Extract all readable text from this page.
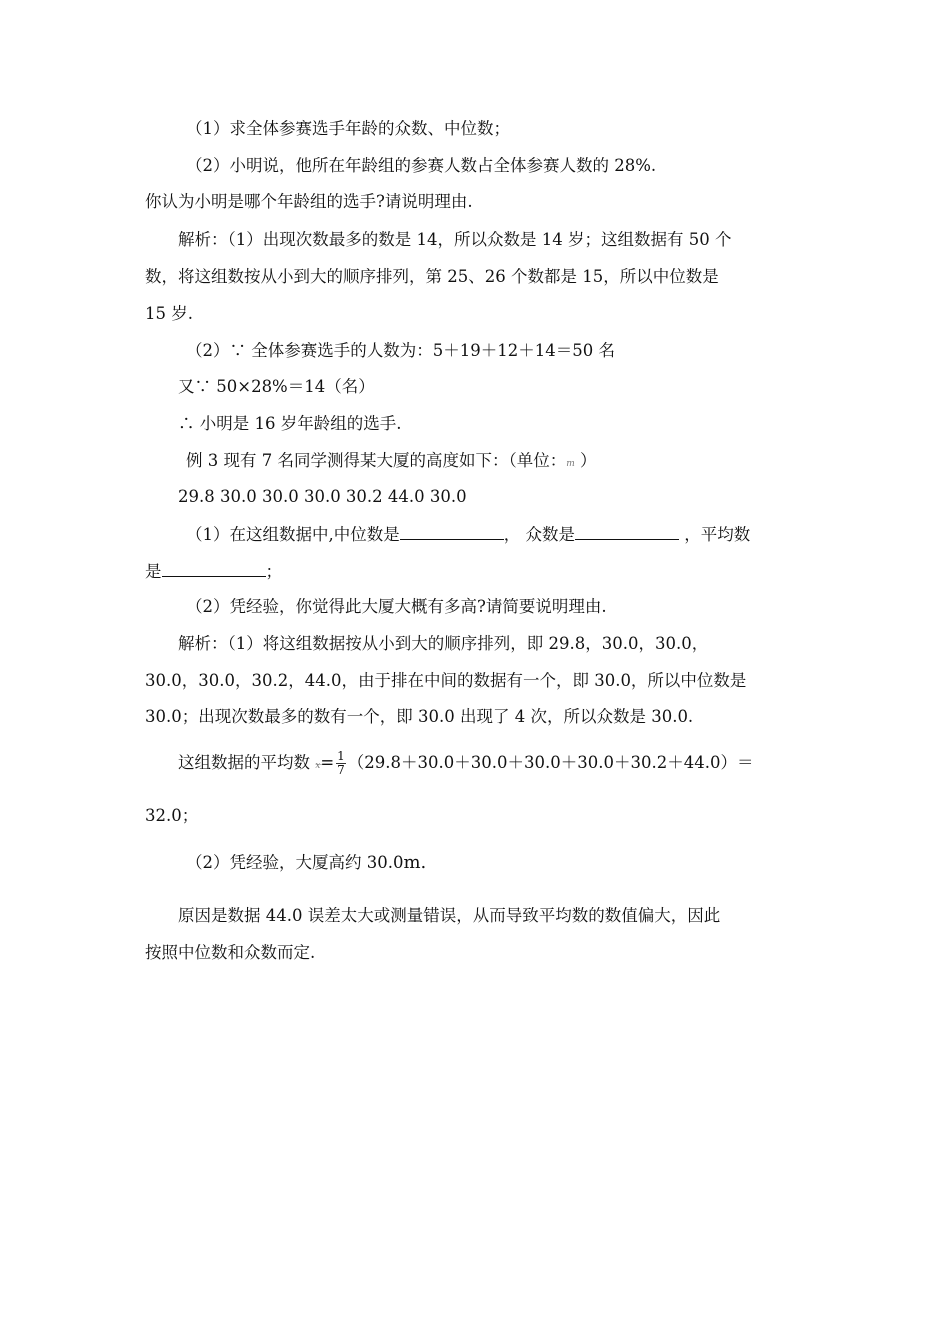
（1）求全体参赛选手年龄的众数、中位数；
（2）小明说，他所在年龄组的参赛人数占全体参赛人数的 28%.
你认为小明是哪个年龄组的选手?请说明理由.
解析：（1）出现次数最多的数是 14，所以众数是 14 岁；这组数据有 50 个
数，将这组数按从小到大的顺序排列，第 25、26 个数都是 15，所以中位数是
15 岁.
（2）∵ 全体参赛选手的人数为：5＋19＋12＋14＝50 名
又∵ 50×28%＝14（名）
∴ 小明是 16 岁年龄组的选手.
例 3 现有 7 名同学测得某大厦的高度如下：（单位：m ）
29.8 30.0 30.0 30.0 30.2 44.0 30.0
（1）在这组数据中,中位数是	， 众数是	，平均数
是	；
（2）凭经验，你觉得此大厦大概有多高?请简要说明理由.
解析：（1）将这组数据按从小到大的顺序排列，即 29.8，30.0，30.0，
30.0，30.0，30.2，44.0，由于排在中间的数据有一个，即 30.0，所以中位数是
30.0；出现次数最多的数有一个，即 30.0 出现了 4 次，所以众数是 30.0.
这组数据的平均数 — $x= \frac{1}{7} (29.8+30.0+30.0+30.0+30.0+30.2+44.0)=$
32.0；
（2）凭经验，大厦高约 30.0m.
原因是数据 44.0 误差太大或测量错误，从而导致平均数的数值偏大，因此
按照中位数和众数而定.
